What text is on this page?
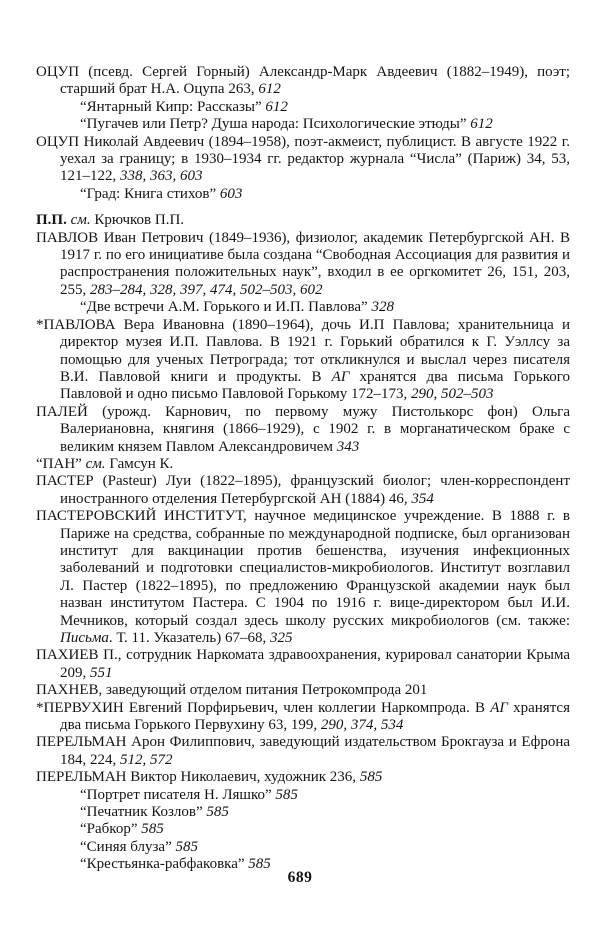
ОЦУП (псевд. Сергей Горный) Александр-Марк Авдеевич (1882–1949), поэт; старший брат Н.А. Оцупа 263, 612

“Янтарный Кипр: Рассказы” 612

“Пугачев или Петр? Душа народа: Психологические этюды” 612

ОЦУП Николай Авдеевич (1894–1958), поэт-акмеист, публицист. В августе 1922 г. уехал за границу; в 1930–1934 гг. редактор журнала “Числа” (Париж) 34, 53, 121–122, 338, 363, 603

“Град: Книга стихов” 603

П.П. см. Крючков П.П.

ПАВЛОВ Иван Петрович (1849–1936), физиолог, академик Петербургской АН. В 1917 г. по его инициативе была создана “Свободная Ассоциация для развития и распространения положительных наук”, входил в ее оргкомитет 26, 151, 203, 255, 283–284, 328, 397, 474, 502–503, 602

“Две встречи А.М. Горького и И.П. Павлова” 328

*ПАВЛОВА Вера Ивановна (1890–1964), дочь И.П Павлова; хранительница и директор музея И.П. Павлова. В 1921 г. Горький обратился к Г. Уэллсу за помощью для ученых Петрограда; тот откликнулся и выслал через писателя В.И. Павловой книги и продукты. В АГ хранятся два письма Горького Павловой и одно письмо Павловой Горькому 172–173, 290, 502–503

ПАЛЕЙ (урожд. Карнович, по первому мужу Пистолькорс фон) Ольга Валериановна, княгиня (1866–1929), с 1902 г. в морганатическом браке с великим князем Павлом Александровичем 343

“ПАН” см. Гамсун К.

ПАСТЕР (Pasteur) Луи (1822–1895), французский биолог; член-корреспондент иностранного отделения Петербургской АН (1884) 46, 354

ПАСТЕРОВСКИЙ ИНСТИТУТ, научное медицинское учреждение. В 1888 г. в Париже на средства, собранные по международной подписке, был организован институт для вакцинации против бешенства, изучения инфекционных заболеваний и подготовки специалистов-микробиологов. Институт возглавил Л. Пастер (1822–1895), по предложению Французской академии наук был назван институтом Пастера. С 1904 по 1916 г. вице-директором был И.И. Мечников, который создал здесь школу русских микробиологов (см. также: Письма. Т. 11. Указатель) 67–68, 325

ПАХИЕВ П., сотрудник Наркомата здравоохранения, курировал санатории Крыма 209, 551

ПАХНЕВ, заведующий отделом питания Петрокомпрода 201

*ПЕРВУХИН Евгений Порфирьевич, член коллегии Наркомпрода. В АГ хранятся два письма Горького Первухину 63, 199, 290, 374, 534

ПЕРЕЛЬМАН Арон Филиппович, заведующий издательством Брокгауза и Ефрона 184, 224, 512, 572

ПЕРЕЛЬМАН Виктор Николаевич, художник 236, 585

“Портрет писателя Н. Ляшко” 585

“Печатник Козлов” 585

“Рабкор” 585

“Синяя блуза” 585

“Крестьянка-рабфаковка” 585

689
